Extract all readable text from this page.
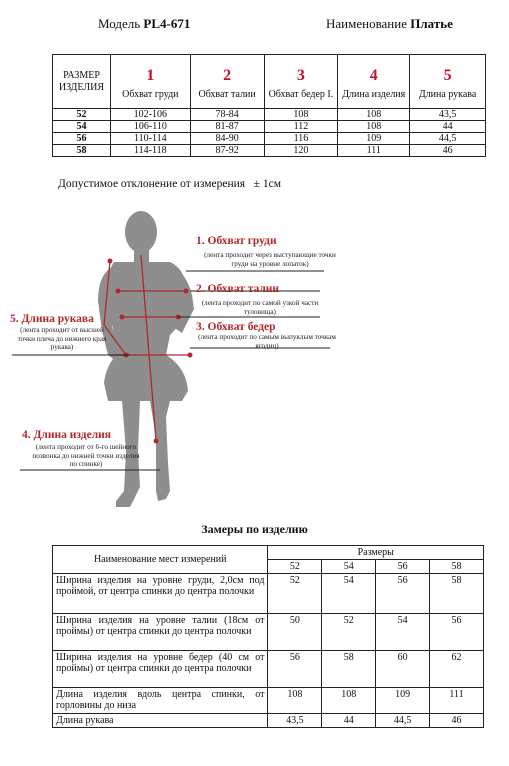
Модель PL4-671	Наименование Платье
РАЗМЕР ИЗДЕЛИЯ	1	2	3	4	5
	Обхват груди	Обхват талии	Обхват бедер I.	Длина изделия	Длина рукава
52	102-106	78-84	108	108	43,5
54	106-110	81-87	112	108	44
56	110-114	84-90	116	109	44,5
58	114-118	87-92	120	111	46
Допустимое отклонение от измерения ± 1см
1. Обхват груди
(лента проходит через выступающие точки груди на уровне лопаток)
2. Обхват талии
(лента проходит по самой узкой части туловища)
3. Обхват бедер
(лента проходит по самым выпуклым точкам ягодиц)
5. Длина рукава
(лента проходит от высшей точки плеча до нижнего края рукава)
4. Длина изделия
(лента проходит от 6-го шейного позвонка до нижней точки изделия по спинке)
Замеры по изделию
Наименование мест измерений	Размеры			
	52	54	56	58
Ширина изделия на уровне груди, 2,0см под проймой, от центра спинки до центра полочки	52	54	56	58
Ширина изделия на уровне талии (18см от проймы) от центра спинки до центра полочки	50	52	54	56
Ширина изделия на уровне бедер (40 см от проймы) от центра спинки до центра полочки	56	58	60	62
Длина изделия вдоль центра спинки, от горловины до низа	108	108	109	111
Длина рукава	43,5	44	44,5	46
